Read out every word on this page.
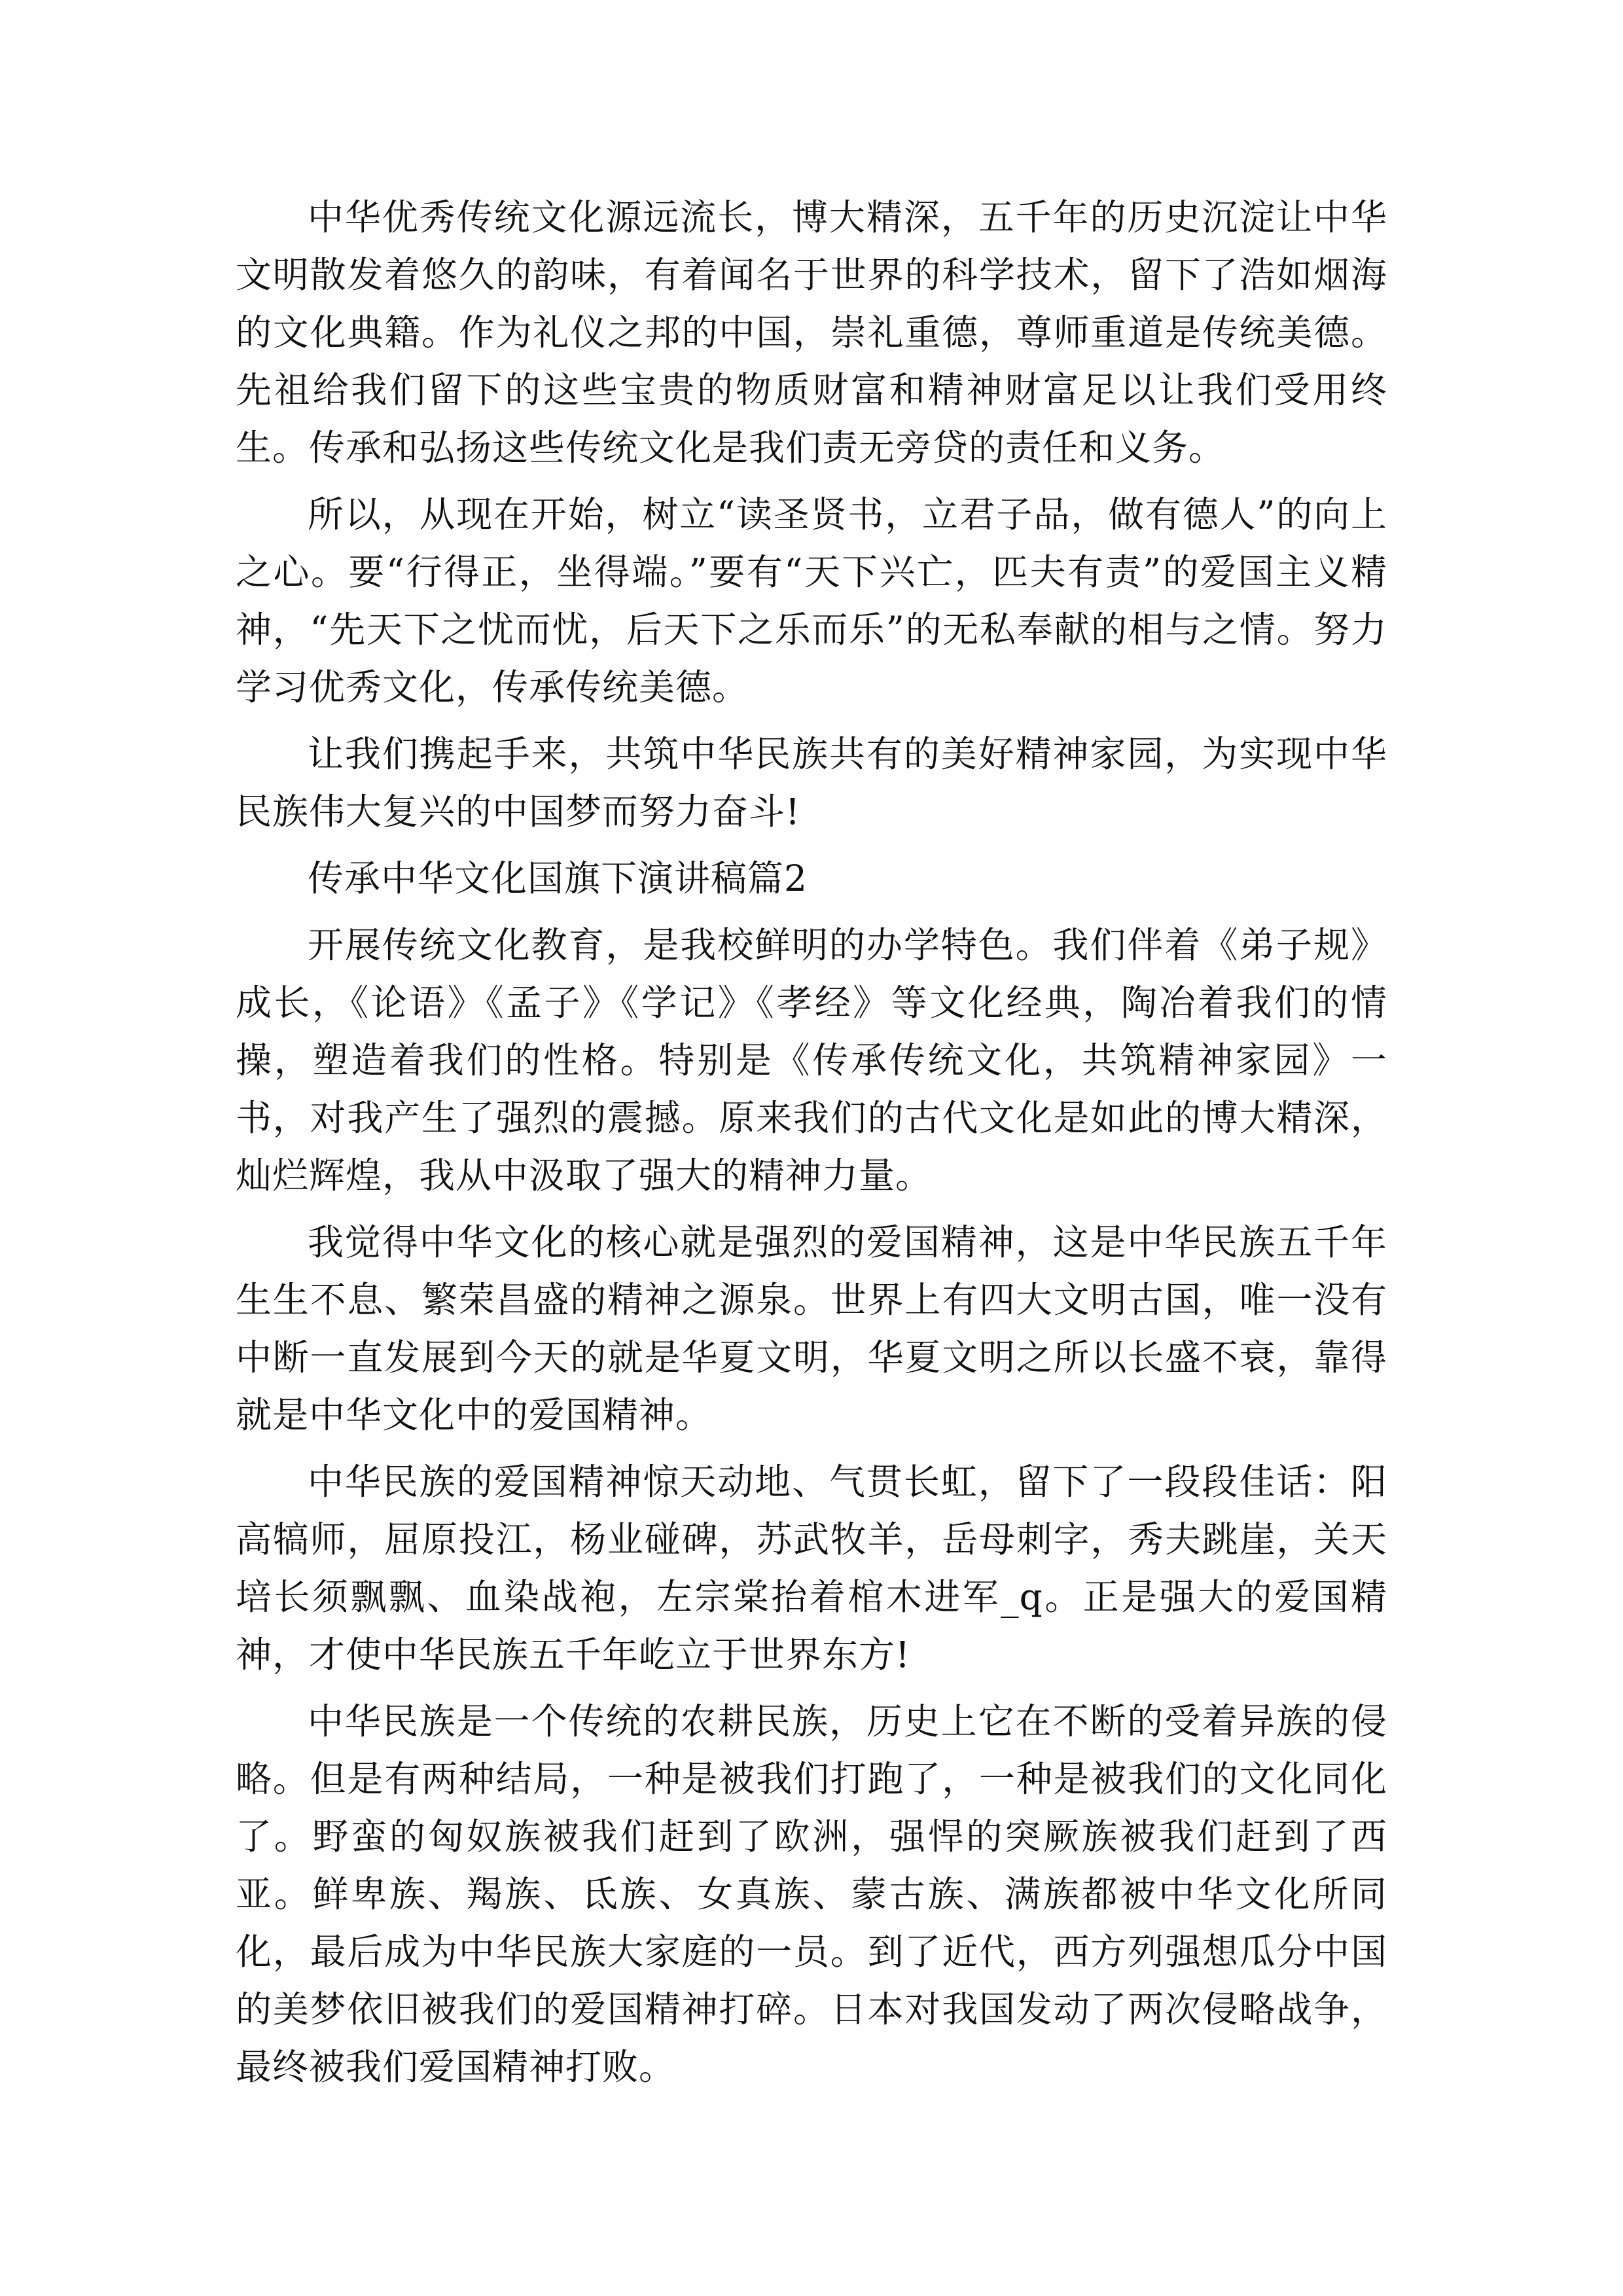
中华优秀传统文化源远流长，博大精深，五千年的历史沉淀让中华文明散发着悠久的韵味，有着闻名于世界的科学技术，留下了浩如烟海的文化典籍。作为礼仪之邦的中国，崇礼重德，尊师重道是传统美德。先祖给我们留下的这些宝贵的物质财富和精神财富足以让我们受用终生。传承和弘扬这些传统文化是我们责无旁贷的责任和义务。

所以，从现在开始，树立“读圣贤书，立君子品，做有德人”的向上之心。要“行得正，坐得端。”要有“天下兴亡，匹夫有责”的爱国主义精神，“先天下之忧而忧，后天下之乐而乐”的无私奉献的相与之情。努力学习优秀文化，传承传统美德。

让我们携起手来，共筑中华民族共有的美好精神家园，为实现中华民族伟大复兴的中国梦而努力奋斗!

传承中华文化国旗下演讲稿篇2

开展传统文化教育，是我校鲜明的办学特色。我们伴着《弟子规》成长，《论语》《孟子》《学记》《孝经》等文化经典，陶冶着我们的情操，塑造着我们的性格。特别是《传承传统文化，共筑精神家园》一书，对我产生了强烈的震撼。原来我们的古代文化是如此的博大精深，灿烂辉煌，我从中汲取了强大的精神力量。

我觉得中华文化的核心就是强烈的爱国精神，这是中华民族五千年生生不息、繁荣昌盛的精神之源泉。世界上有四大文明古国，唯一没有中断一直发展到今天的就是华夏文明，华夏文明之所以长盛不衰，靠得就是中华文化中的爱国精神。

中华民族的爱国精神惊天动地、气贯长虹，留下了一段段佳话：阳高犒师，屈原投江，杨业碰碑，苏武牧羊，岳母刺字，秀夫跳崖，关天培长须飘飘、血染战袍，左宗棠抬着棺木进军_q。正是强大的爱国精神，才使中华民族五千年屹立于世界东方!

中华民族是一个传统的农耕民族，历史上它在不断的受着异族的侵略。但是有两种结局，一种是被我们打跑了，一种是被我们的文化同化了。野蛮的匈奴族被我们赶到了欧洲，强悍的突厥族被我们赶到了西亚。鲜卑族、羯族、氐族、女真族、蒙古族、满族都被中华文化所同化，最后成为中华民族大家庭的一员。到了近代，西方列强想瓜分中国的美梦依旧被我们的爱国精神打碎。日本对我国发动了两次侵略战争，最终被我们爱国精神打败。
